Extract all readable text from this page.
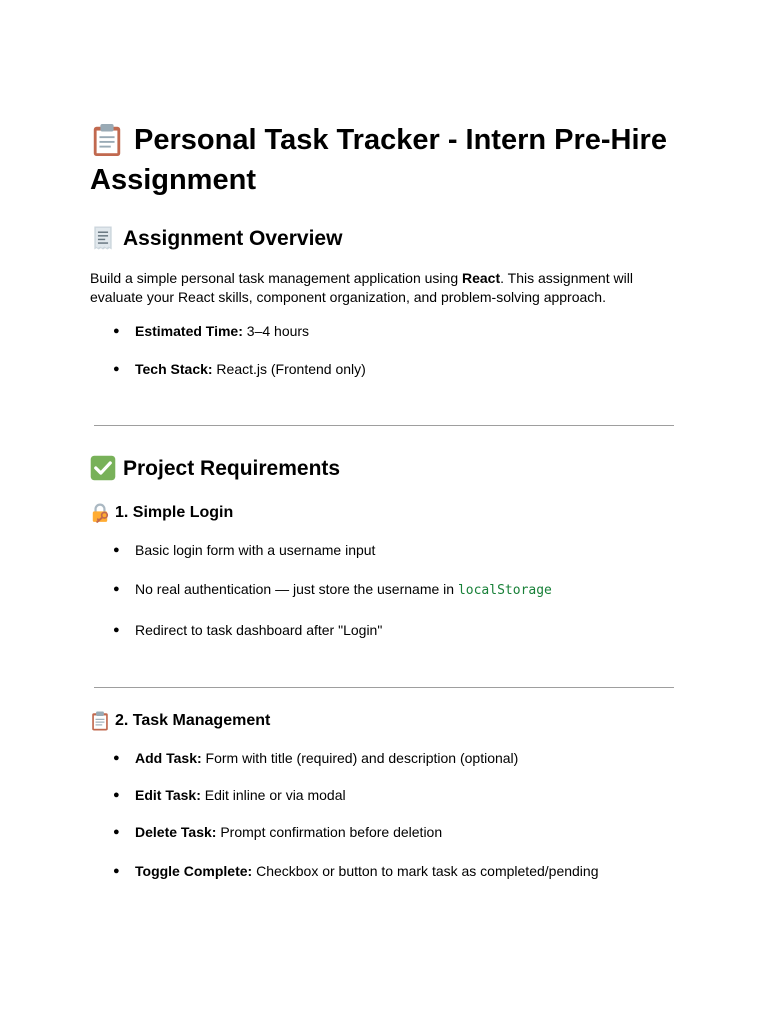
Personal Task Tracker - Intern Pre-Hire Assignment
Assignment Overview

Build a simple personal task management application using React. This assignment will evaluate your React skills, component organization, and problem-solving approach.

● Estimated Time: 3–4 hours
● Tech Stack: React.js (Frontend only)
Project Requirements
1. Simple Login
● Basic login form with a username input
● No real authentication — just store the username in localStorage
● Redirect to task dashboard after "Login"
2. Task Management
● Add Task: Form with title (required) and description (optional)
● Edit Task: Edit inline or via modal
● Delete Task: Prompt confirmation before deletion
● Toggle Complete: Checkbox or button to mark task as completed/pending
